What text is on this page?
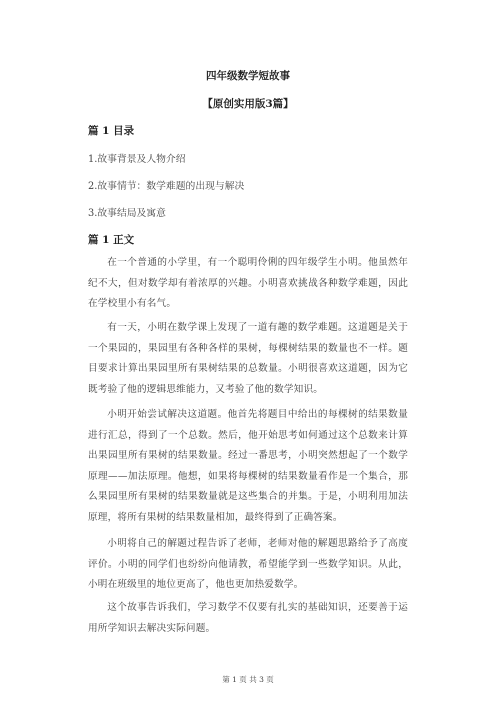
四年级数学短故事
【原创实用版3篇】
篇 1 目录
1.故事背景及人物介绍
2.故事情节：数学难题的出现与解决
3.故事结局及寓意
篇 1 正文
在一个普通的小学里，有一个聪明伶俐的四年级学生小明。他虽然年纪不大，但对数学却有着浓厚的兴趣。小明喜欢挑战各种数学难题，因此在学校里小有名气。
有一天，小明在数学课上发现了一道有趣的数学难题。这道题是关于一个果园的，果园里有各种各样的果树，每棵树结果的数量也不一样。题目要求计算出果园里所有果树结果的总数量。小明很喜欢这道题，因为它既考验了他的逻辑思维能力，又考验了他的数学知识。
小明开始尝试解决这道题。他首先将题目中给出的每棵树的结果数量进行汇总，得到了一个总数。然后，他开始思考如何通过这个总数来计算出果园里所有果树的结果数量。经过一番思考，小明突然想起了一个数学原理——加法原理。他想，如果将每棵树的结果数量看作是一个集合，那么果园里所有果树的结果数量就是这些集合的并集。于是，小明利用加法原理，将所有果树的结果数量相加，最终得到了正确答案。
小明将自己的解题过程告诉了老师，老师对他的解题思路给予了高度评价。小明的同学们也纷纷向他请教，希望能学到一些数学知识。从此，小明在班级里的地位更高了，他也更加热爱数学。
这个故事告诉我们，学习数学不仅要有扎实的基础知识，还要善于运用所学知识去解决实际问题。
第 1 页 共 3 页
